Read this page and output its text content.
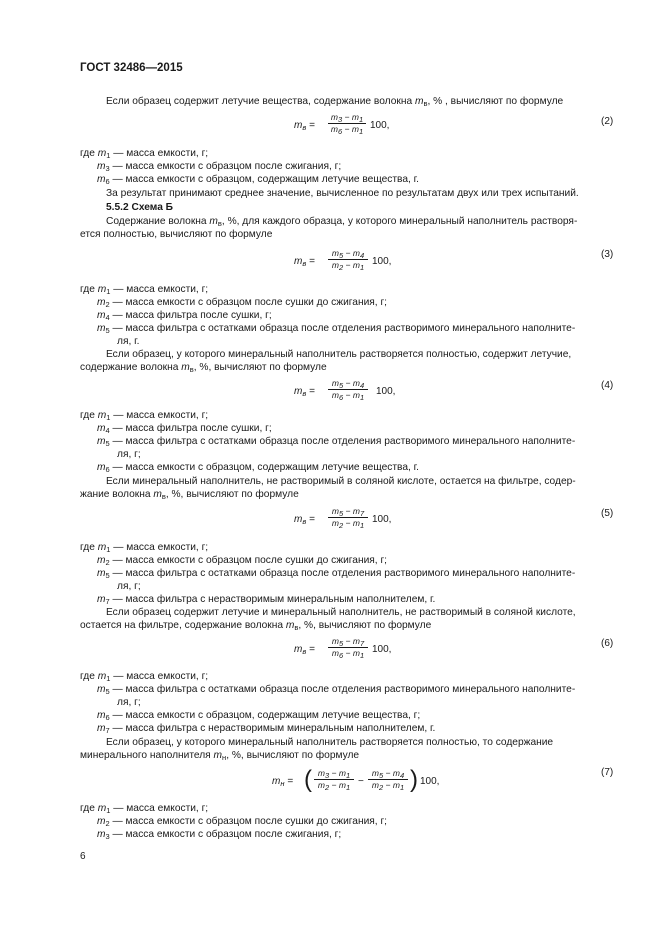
ГОСТ 32486—2015
Если образец содержит летучие вещества, содержание волокна $m_в$, % , вычисляют по формуле
$m_в$ =
$m_3 - m_1$
$m_6 - m_1$
100,	(2)
где $m_1$ — масса емкости, г;
$m_3$ — масса емкости с образцом после сжигания, г;
$m_6$ — масса емкости с образцом, содержащим летучие вещества, г.
За результат принимают среднее значение, вычисленное по результатам двух или трех испытаний.
5.5.2 Схема Б
Содержание волокна $m_в$, %, для каждого образца, у которого минеральный наполнитель растворя-
ется полностью, вычисляют по формуле
$m_в$ =
$m_5 - m_4$
$m_2 - m_1$
100,
(3)
где $m_1$ — масса емкости, г;
$m_2$ — масса емкости с образцом после сушки до сжигания, г;
$m_4$ — масса фильтра после сушки, г;
$m_5$ — масса фильтра с остатками образца после отделения растворимого минерального наполните-
ля, г.
Если образец, у которого минеральный наполнитель растворяется полностью, содержит летучие,
содержание волокна $m_в$, %, вычисляют по формуле
$m_в$ =
$m_5 - m_4$
$m_6 - m_1$
100,
(4)
где $m_1$ — масса емкости, г;
$m_4$ — масса фильтра после сушки, г;
$m_5$ — масса фильтра с остатками образца после отделения растворимого минерального наполните-
ля, г;
$m_6$ — масса емкости с образцом, содержащим летучие вещества, г.
Если минеральный наполнитель, не растворимый в соляной кислоте, остается на фильтре, содер-
жание волокна $m_в$, %, вычисляют по формуле
$m_в$ =
$m_5 - m_7$
$m_2 - m_1$
100,
(5)
где $m_1$ — масса емкости, г;
$m_2$ — масса емкости с образцом после сушки до сжигания, г;
$m_5$ — масса фильтра с остатками образца после отделения растворимого минерального наполните-
ля, г;
$m_7$ — масса фильтра с нерастворимым минеральным наполнителем, г.
Если образец содержит летучие и минеральный наполнитель, не растворимый в соляной кислоте,
остается на фильтре, содержание волокна $m_в$, %, вычисляют по формуле
$m_в$ =
$m_5 - m_7$
$m_6 - m_1$
100,
(6)
где $m_1$ — масса емкости, г;
$m_5$ — масса фильтра с остатками образца после отделения растворимого минерального наполните-
ля, г;
$m_6$ — масса емкости с образцом, содержащим летучие вещества, г;
$m_7$ — масса фильтра с нерастворимым минеральным наполнителем, г.
Если образец, у которого минеральный наполнитель растворяется полностью, то содержание
минерального наполнителя $m_н$, %, вычисляют по формуле
$m_н$ = ( $m_3 - m_1$
$m_2 - m_1$
−
$m_5 - m_4$
$m_2 - m_1$ ) 100,
(7)
где $m_1$ — масса емкости, г;
$m_2$ — масса емкости с образцом после сушки до сжигания, г;
$m_3$ — масса емкости с образцом после сжигания, г;
6
